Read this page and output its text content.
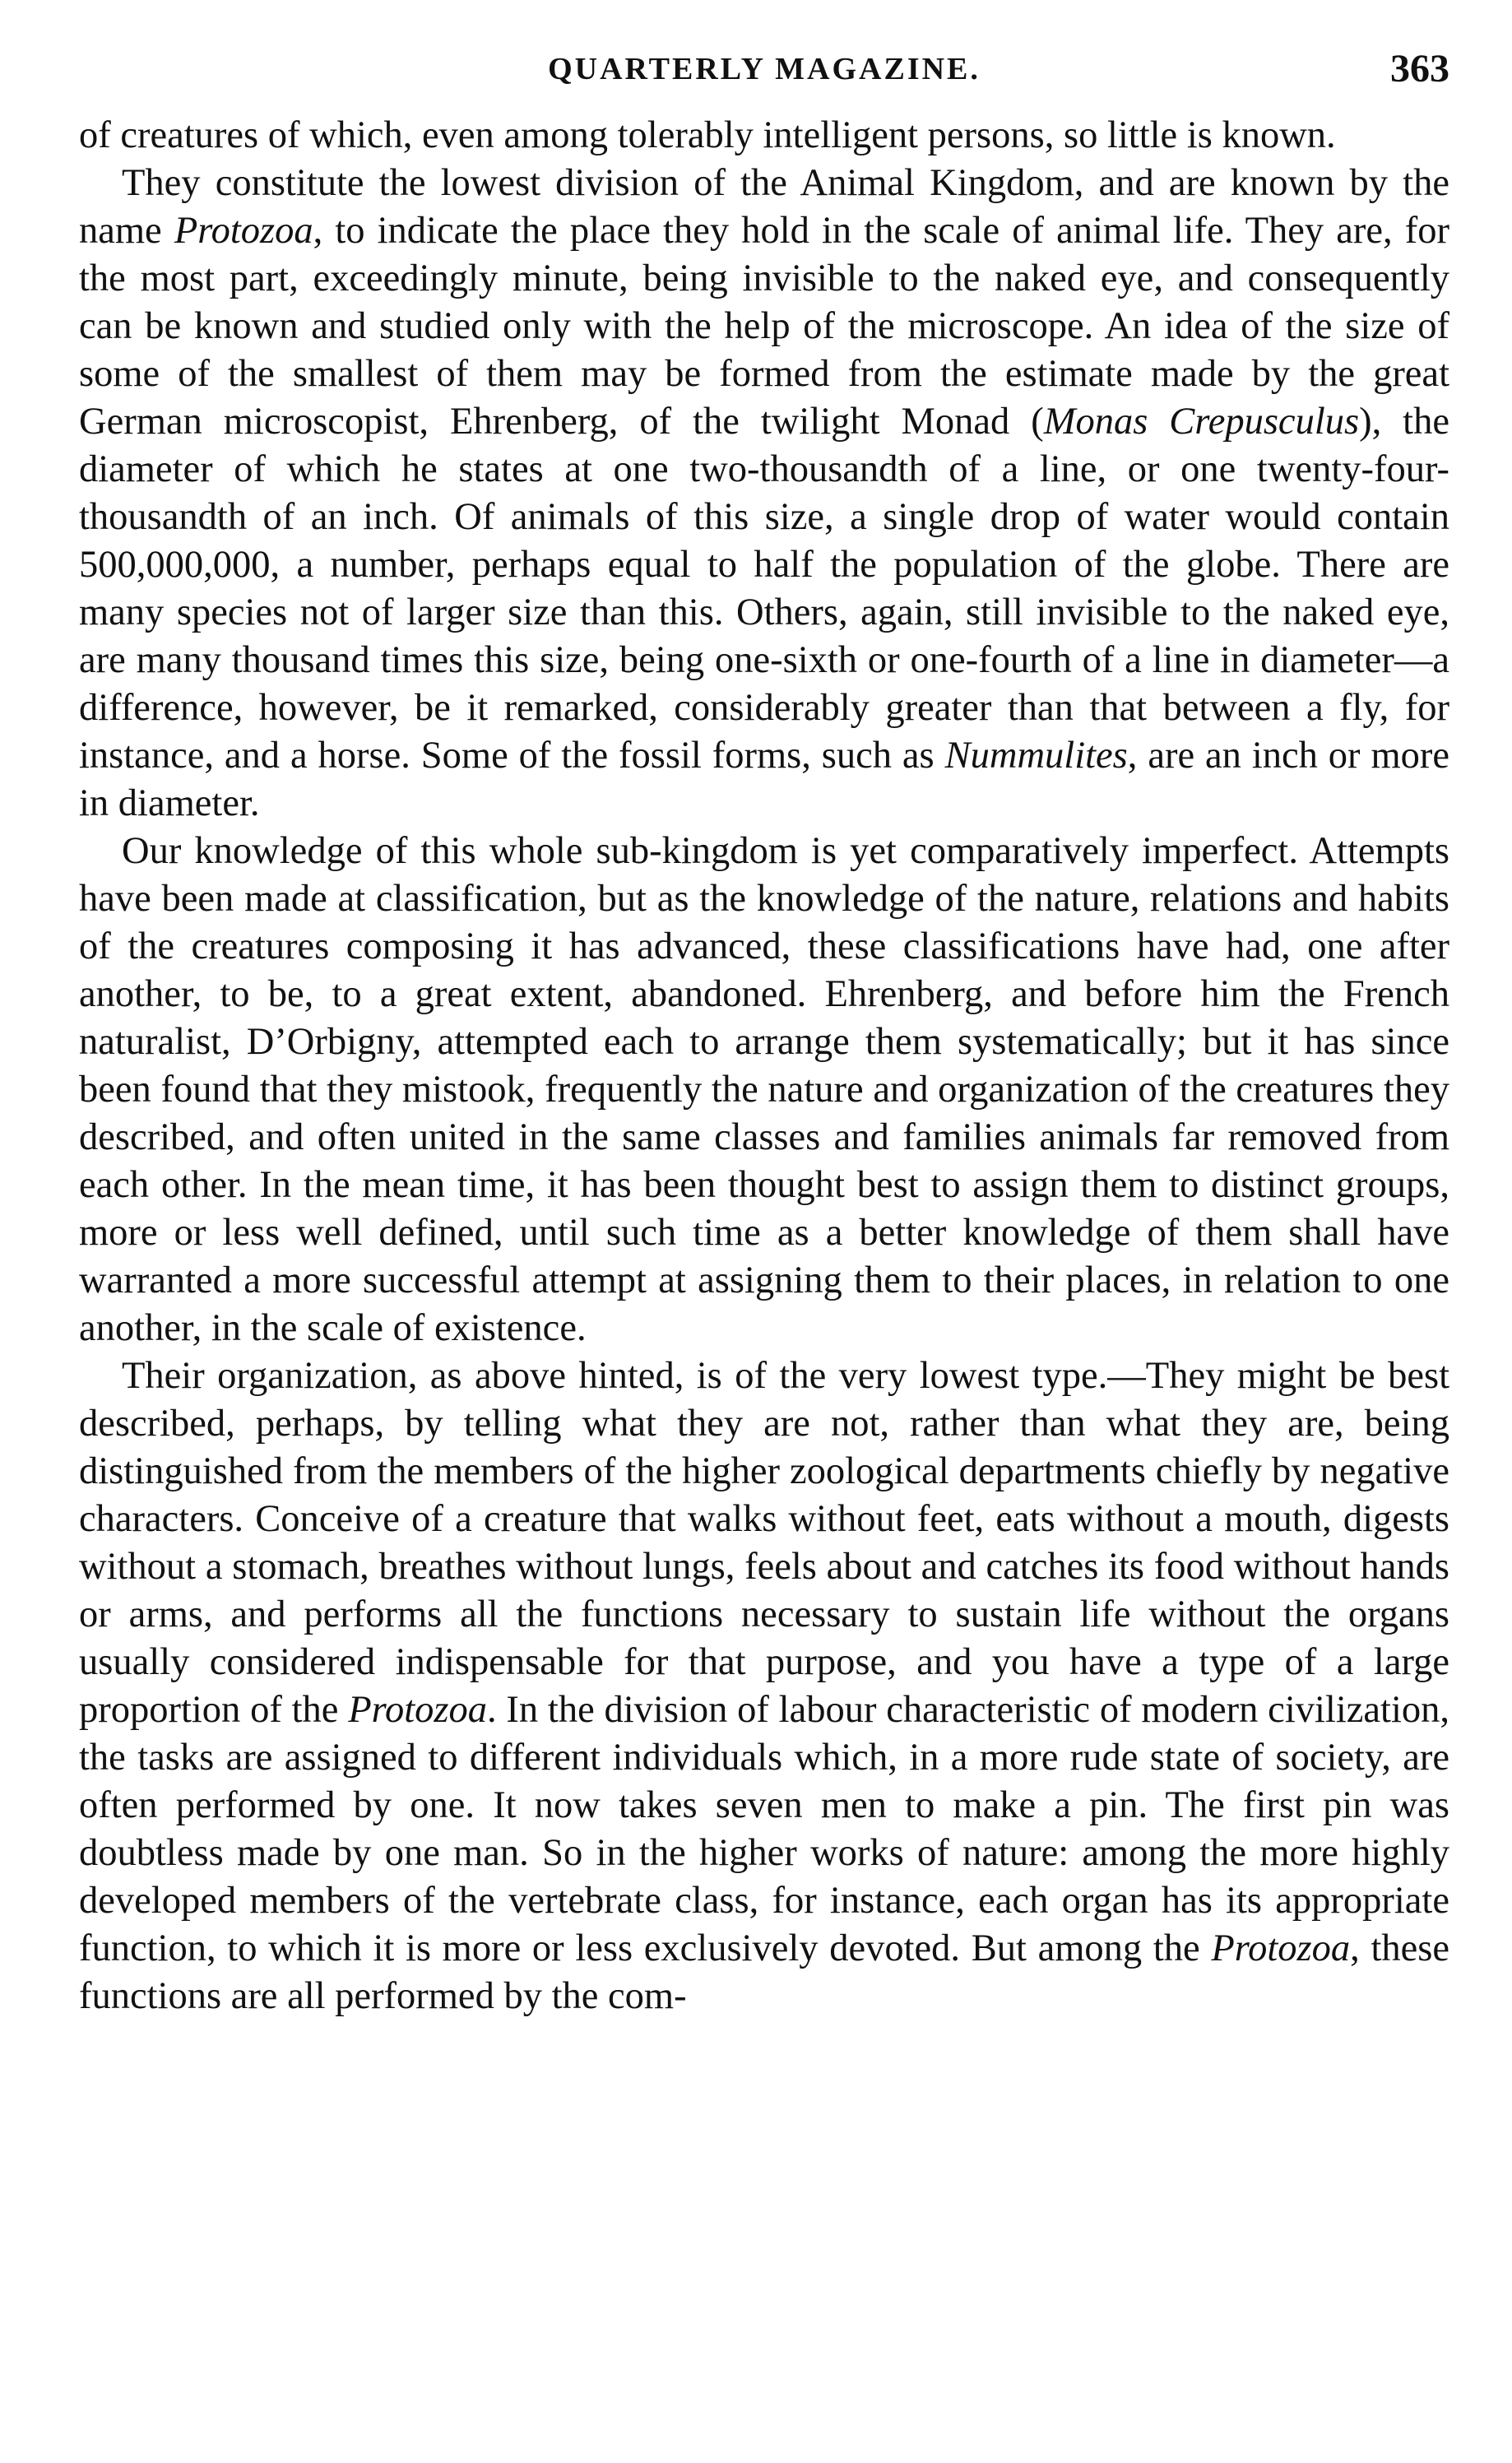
QUARTERLY MAGAZINE.	363

of creatures of which, even among tolerably intelligent persons, so little is known.

They constitute the lowest division of the Animal Kingdom, and are known by the name Protozoa, to indicate the place they hold in the scale of animal life. They are, for the most part, exceedingly minute, being invisible to the naked eye, and consequently can be known and studied only with the help of the microscope. An idea of the size of some of the smallest of them may be formed from the estimate made by the great German microscopist, Ehrenberg, of the twilight Monad (Monas Crepusculus), the diameter of which he states at one two-thousandth of a line, or one twenty-four-thousandth of an inch. Of animals of this size, a single drop of water would contain 500,000,000, a number, perhaps equal to half the population of the globe. There are many species not of larger size than this. Others, again, still invisible to the naked eye, are many thousand times this size, being one-sixth or one-fourth of a line in diameter—a difference, however, be it remarked, considerably greater than that between a fly, for instance, and a horse. Some of the fossil forms, such as Nummulites, are an inch or more in diameter.

Our knowledge of this whole sub-kingdom is yet comparatively imperfect. Attempts have been made at classification, but as the knowledge of the nature, relations and habits of the creatures composing it has advanced, these classifications have had, one after another, to be, to a great extent, abandoned. Ehrenberg, and before him the French naturalist, D’Orbigny, attempted each to arrange them systematically; but it has since been found that they mistook, frequently the nature and organization of the creatures they described, and often united in the same classes and families animals far removed from each other. In the mean time, it has been thought best to assign them to distinct groups, more or less well defined, until such time as a better knowledge of them shall have warranted a more successful attempt at assigning them to their places, in relation to one another, in the scale of existence.

Their organization, as above hinted, is of the very lowest type.—They might be best described, perhaps, by telling what they are not, rather than what they are, being distinguished from the members of the higher zoological departments chiefly by negative characters. Conceive of a creature that walks without feet, eats without a mouth, digests without a stomach, breathes without lungs, feels about and catches its food without hands or arms, and performs all the functions necessary to sustain life without the organs usually considered indispensable for that purpose, and you have a type of a large proportion of the Protozoa. In the division of labour characteristic of modern civilization, the tasks are assigned to different individuals which, in a more rude state of society, are often performed by one. It now takes seven men to make a pin. The first pin was doubtless made by one man. So in the higher works of nature: among the more highly developed members of the vertebrate class, for instance, each organ has its appropriate function, to which it is more or less exclusively devoted. But among the Protozoa, these functions are all performed by the com-
